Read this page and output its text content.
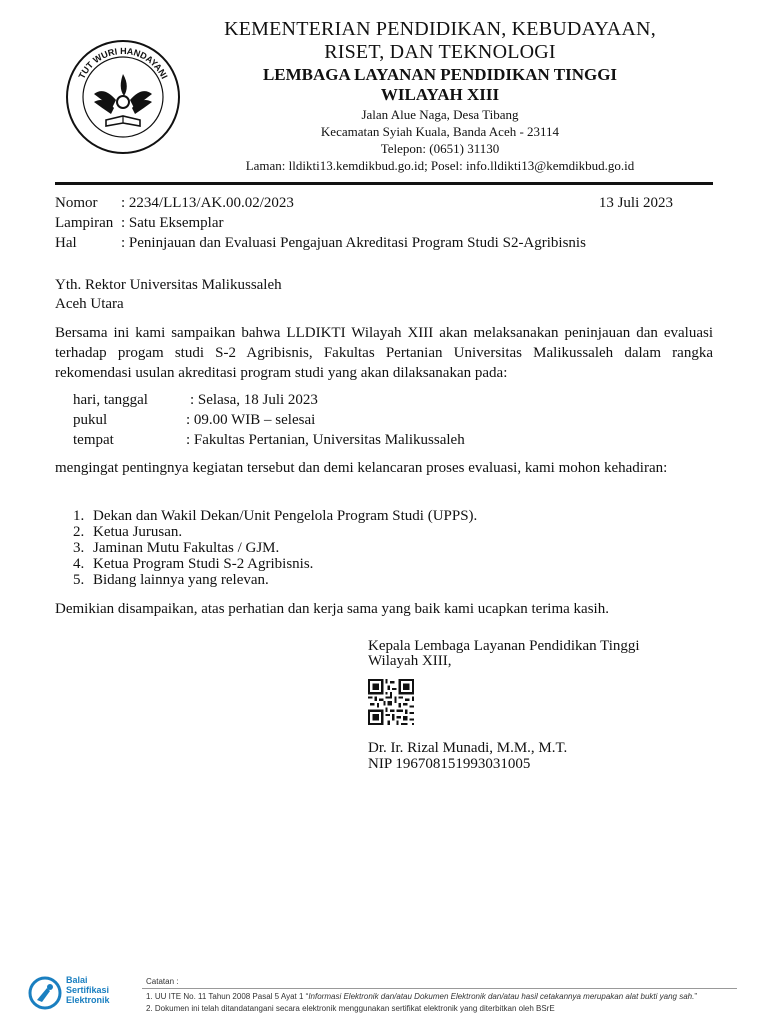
TUT WURI HANDAYANI
KEMENTERIAN PENDIDIKAN, KEBUDAYAAN,
RISET, DAN TEKNOLOGI
LEMBAGA LAYANAN PENDIDIKAN TINGGI
WILAYAH XIII
Jalan Alue Naga, Desa Tibang
Kecamatan Syiah Kuala, Banda Aceh - 23114
Telepon: (0651) 31130
Laman: lldikti13.kemdikbud.go.id; Posel: info.lldikti13@kemdikbud.go.id
Nomor	: 2234/LL13/AK.00.02/2023	13 Juli 2023
Lampiran : Satu Eksemplar
Hal	: Peninjauan dan Evaluasi Pengajuan Akreditasi Program Studi S2-Agribisnis
Yth. Rektor Universitas Malikussaleh
Aceh Utara
Bersama ini kami sampaikan bahwa LLDIKTI Wilayah XIII akan melaksanakan peninjauan dan evaluasi terhadap progam studi S-2 Agribisnis, Fakultas Pertanian Universitas Malikussaleh dalam rangka rekomendasi usulan akreditasi program studi yang akan dilaksanakan pada:
hari, tanggal	: Selasa, 18 Juli 2023
pukul	: 09.00 WIB – selesai
tempat	: Fakultas Pertanian, Universitas Malikussaleh
mengingat pentingnya kegiatan tersebut dan demi kelancaran proses evaluasi, kami mohon kehadiran:
1. Dekan dan Wakil Dekan/Unit Pengelola Program Studi (UPPS).
2. Ketua Jurusan.
3. Jaminan Mutu Fakultas / GJM.
4. Ketua Program Studi S-2 Agribisnis.
5. Bidang lainnya yang relevan.
Demikian disampaikan, atas perhatian dan kerja sama yang baik kami ucapkan terima kasih.
Kepala Lembaga Layanan Pendidikan Tinggi
Wilayah XIII,
Dr. Ir. Rizal Munadi, M.M., M.T.
NIP 196708151993031005
Balai
Sertifikasi
Elektronik
Catatan :
1. UU ITE No. 11 Tahun 2008 Pasal 5 Ayat 1 “Informasi Elektronik dan/atau Dokumen Elektronik dan/atau hasil cetakannya merupakan alat bukti yang sah.”
2. Dokumen ini telah ditandatangani secara elektronik menggunakan sertifikat elektronik yang diterbitkan oleh BSrE
